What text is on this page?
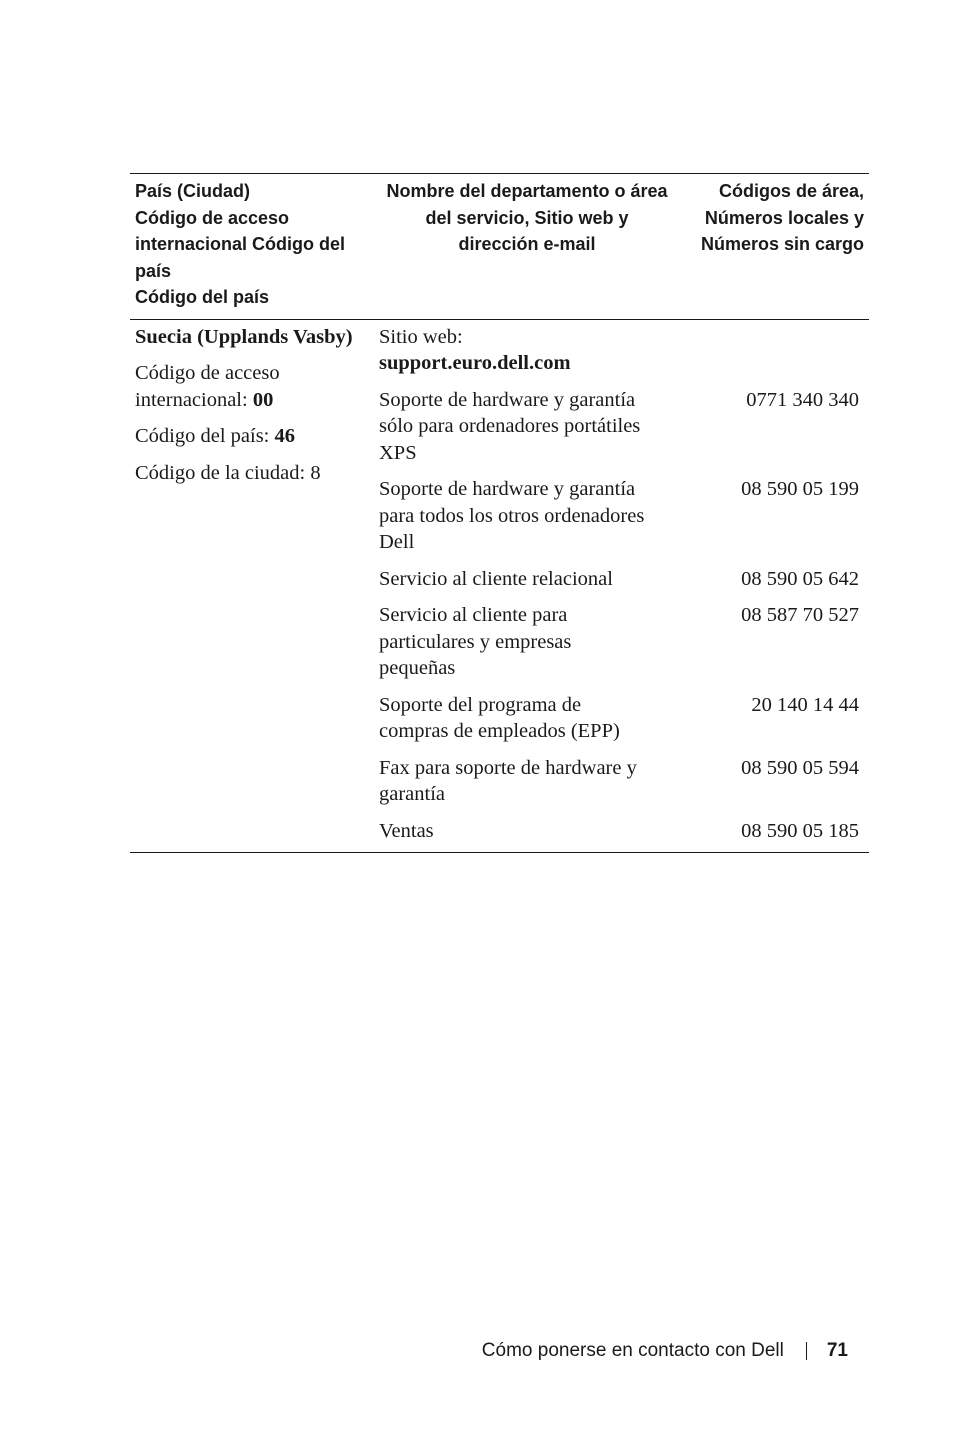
País (Ciudad)
Código de acceso
internacional Código del
país
Código del país
Nombre del departamento o área
del servicio, Sitio web y
dirección e-mail
Códigos de área,
Números locales y
Números sin cargo
Suecia (Upplands Vasby)
Código de acceso
internacional: 00
Código del país: 46
Código de la ciudad: 8
Sitio web:
support.euro.dell.com
Soporte de hardware y garantía
sólo para ordenadores portátiles
XPS
0771 340 340
Soporte de hardware y garantía
para todos los otros ordenadores
Dell
08 590 05 199
Servicio al cliente relacional	08 590 05 642
Servicio al cliente para
particulares y empresas
pequeñas
08 587 70 527
Soporte del programa de
compras de empleados (EPP)
20 140 14 44
Fax para soporte de hardware y
garantía
08 590 05 594
Ventas	08 590 05 185
Cómo ponerse en contacto con Dell 71
